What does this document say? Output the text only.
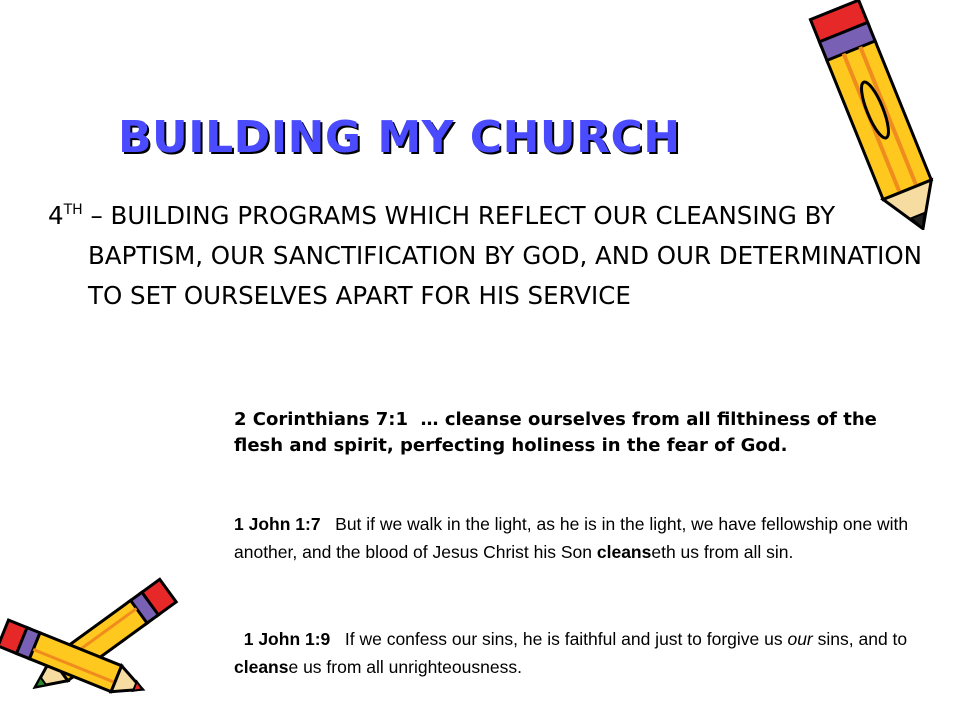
BUILDING MY CHURCH

4TH – BUILDING PROGRAMS WHICH REFLECT OUR CLEANSING BY BAPTISM, OUR SANCTIFICATION BY GOD, AND OUR DETERMINATION TO SET OURSELVES APART FOR HIS SERVICE

2 Corinthians 7:1  … cleanse ourselves from all filthiness of the flesh and spirit, perfecting holiness in the fear of God.

1 John 1:7   But if we walk in the light, as he is in the light, we have fellowship one with another, and the blood of Jesus Christ his Son cleanseth us from all sin.

1 John 1:9   If we confess our sins, he is faithful and just to forgive us our sins, and to cleanse us from all unrighteousness.
